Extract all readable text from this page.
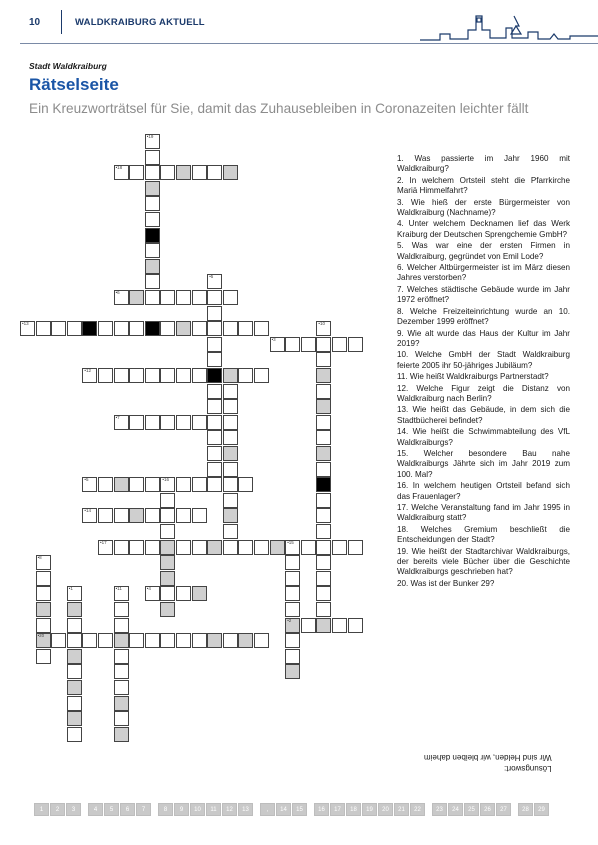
10	WALDKRAIBURG AKTUELL
Stadt Waldkraiburg
Rätselseite
Ein Kreuzworträtsel für Sie, damit das Zuhausebleiben in Coronazeiten leichter fällt
•19
•18
•6
•5
•13	•10
•3
•12
•7
•5	•16
•14
•17	•15
•2
•8
•20
•1	•11	•4
1. Was passierte im Jahr 1960 mit Waldkraiburg?
2. In welchem Ortsteil steht die Pfarrkirche Mariä Himmelfahrt?
3. Wie hieß der erste Bürgermeister von Waldkraiburg (Nachname)?
4. Unter welchem Decknamen lief das Werk Kraiburg der Deutschen Sprengchemie GmbH?
5. Was war eine der ersten Firmen in Waldkraiburg, gegründet von Emil Lode?
6. Welcher Altbürgermeister ist im März diesen Jahres verstorben?
7. Welches städtische Gebäude wurde im Jahr 1972 eröffnet?
8. Welche Freizeiteinrichtung wurde an 10. Dezember 1999 eröffnet?
9. Wie alt wurde das Haus der Kultur im Jahr 2019?
10. Welche GmbH der Stadt Waldkraiburg feierte 2005 ihr 50-jähriges Jubiläum?
11. Wie heißt Waldkraiburgs Partnerstadt?
12. Welche Figur zeigt die Distanz von Waldkraiburg nach Berlin?
13. Wie heißt das Gebäude, in dem sich die Stadtbücherei befindet?
14. Wie heißt die Schwimmabteilung des VfL Waldkraiburgs?
15. Welcher besondere Bau nahe Waldkraiburgs Jährte sich im Jahr 2019 zum 100. Mal?
16. In welchem heutigen Ortsteil befand sich das Frauenlager?
17. Welche Veranstaltung fand im Jahr 1995 in Waldkraiburg statt?
18. Welches Gremium beschließt die Entscheidungen der Stadt?
19. Wie heißt der Stadtarchivar Waldkraiburgs, der bereits viele Bücher über die Geschichte Waldkraiburgs geschrieben hat?
20. Was ist der Bunker 29?
Lösungswort:
Wir sind Helden, wir bleiben daheim
1	2	3	4	5	6	7	8	9	10	11	12	13	,	14	15	16	17	18	19	20	21	22	23	24	25	26	27	28	29
